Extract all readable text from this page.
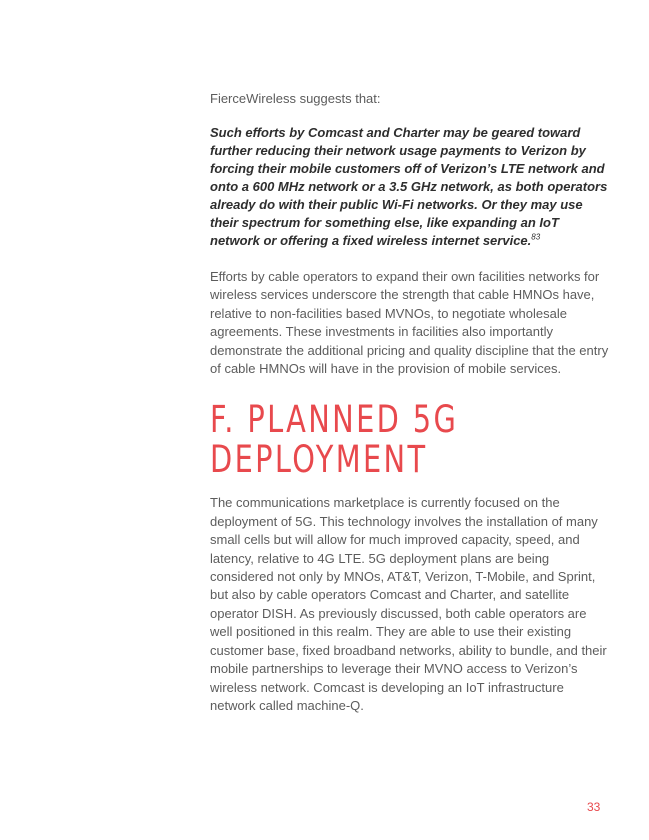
FierceWireless suggests that:

Such efforts by Comcast and Charter may be geared toward further reducing their network usage payments to Verizon by forcing their mobile customers off of Verizon’s LTE network and onto a 600 MHz network or a 3.5 GHz network, as both operators already do with their public Wi-Fi networks. Or they may use their spectrum for something else, like expanding an IoT network or offering a fixed wireless internet service.$^{83}$

Efforts by cable operators to expand their own facilities networks for wireless services underscore the strength that cable HMNOs have, relative to non-facilities based MVNOs, to negotiate wholesale agreements. These investments in facilities also importantly demonstrate the additional pricing and quality discipline that the entry of cable HMNOs will have in the provision of mobile services.

F. PLANNED 5G
DEPLOYMENT

The communications marketplace is currently focused on the deployment of 5G. This technology involves the installation of many small cells but will allow for much improved capacity, speed, and latency, relative to 4G LTE. 5G deployment plans are being considered not only by MNOs, AT&T, Verizon, T-Mobile, and Sprint, but also by cable operators Comcast and Charter, and satellite operator DISH. As previously discussed, both cable operators are well positioned in this realm. They are able to use their existing customer base, fixed broadband networks, ability to bundle, and their mobile partnerships to leverage their MVNO access to Verizon’s wireless network. Comcast is developing an IoT infrastructure network called machine-Q.

33
